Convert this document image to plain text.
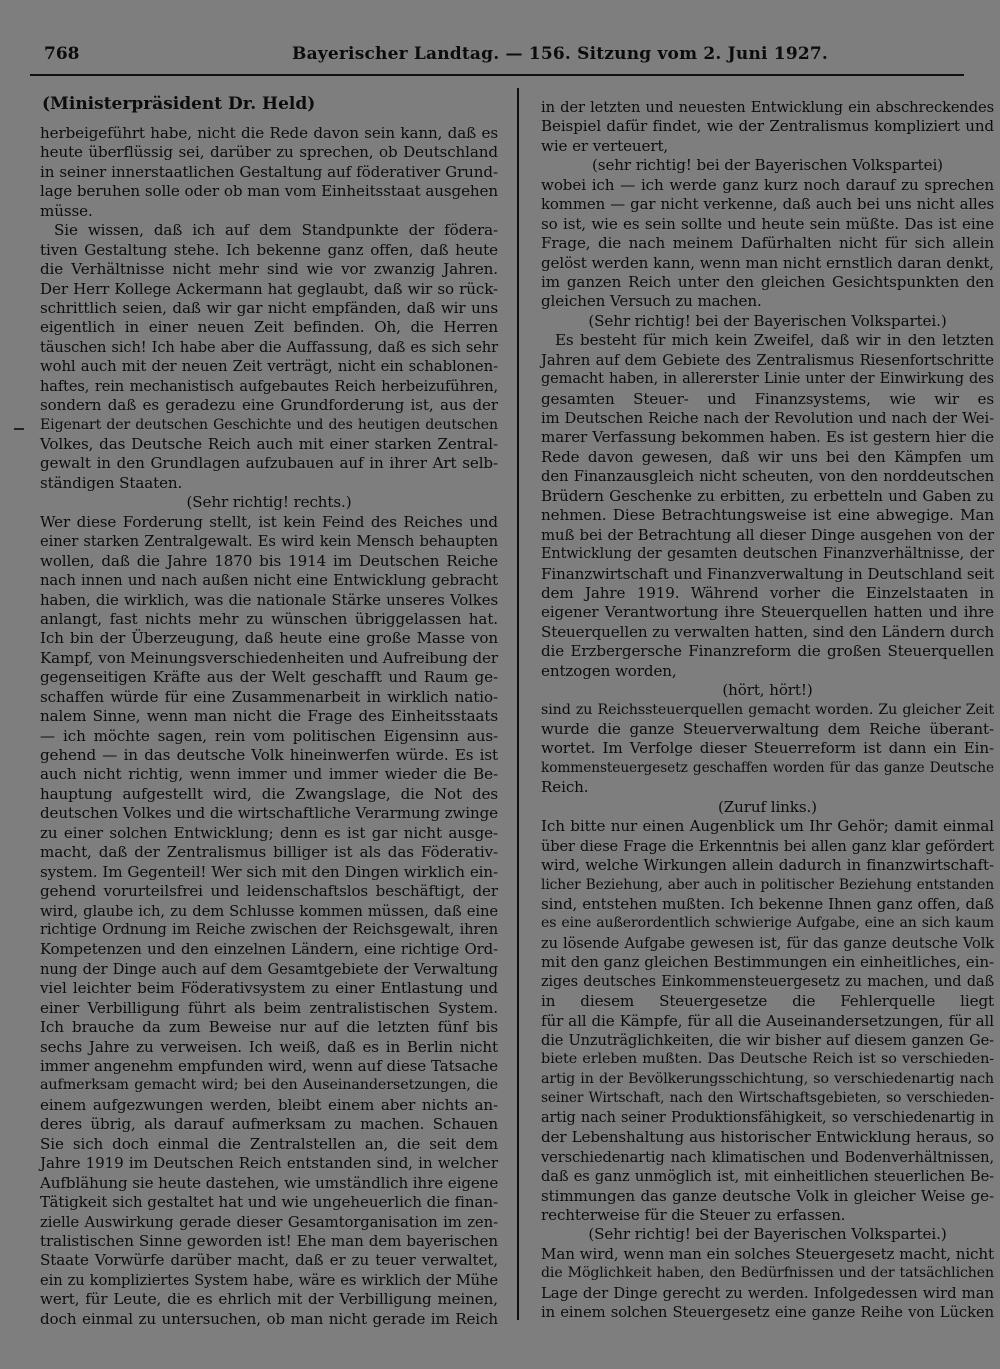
768	Bayerischer Landtag. — 156. Sitzung vom 2. Juni 1927.
(Ministerpräsident Dr. Held)
herbeigeführt habe, nicht die Rede davon sein kann, daß es
heute überflüssig sei, darüber zu sprechen, ob Deutschland
in seiner innerstaatlichen Gestaltung auf föderativer Grund-
lage beruhen solle oder ob man vom Einheitsstaat ausgehen
müsse.
Sie wissen, daß ich auf dem Standpunkte der födera-
tiven Gestaltung stehe. Ich bekenne ganz offen, daß heute
die Verhältnisse nicht mehr sind wie vor zwanzig Jahren.
Der Herr Kollege Ackermann hat geglaubt, daß wir so rück-
schrittlich seien, daß wir gar nicht empfänden, daß wir uns
eigentlich in einer neuen Zeit befinden. Oh, die Herren
täuschen sich! Ich habe aber die Auffassung, daß es sich sehr
wohl auch mit der neuen Zeit verträgt, nicht ein schablonen-
haftes, rein mechanistisch aufgebautes Reich herbeizuführen,
sondern daß es geradezu eine Grundforderung ist, aus der
Eigenart der deutschen Geschichte und des heutigen deutschen
Volkes, das Deutsche Reich auch mit einer starken Zentral-
gewalt in den Grundlagen aufzubauen auf in ihrer Art selb-
ständigen Staaten.
(Sehr richtig! rechts.)
Wer diese Forderung stellt, ist kein Feind des Reiches und
einer starken Zentralgewalt. Es wird kein Mensch behaupten
wollen, daß die Jahre 1870 bis 1914 im Deutschen Reiche
nach innen und nach außen nicht eine Entwicklung gebracht
haben, die wirklich, was die nationale Stärke unseres Volkes
anlangt, fast nichts mehr zu wünschen übriggelassen hat.
Ich bin der Überzeugung, daß heute eine große Masse von
Kampf, von Meinungsverschiedenheiten und Aufreibung der
gegenseitigen Kräfte aus der Welt geschafft und Raum ge-
schaffen würde für eine Zusammenarbeit in wirklich natio-
nalem Sinne, wenn man nicht die Frage des Einheitsstaats
— ich möchte sagen, rein vom politischen Eigensinn aus-
gehend — in das deutsche Volk hineinwerfen würde. Es ist
auch nicht richtig, wenn immer und immer wieder die Be-
hauptung aufgestellt wird, die Zwangslage, die Not des
deutschen Volkes und die wirtschaftliche Verarmung zwinge
zu einer solchen Entwicklung; denn es ist gar nicht ausge-
macht, daß der Zentralismus billiger ist als das Föderativ-
system. Im Gegenteil! Wer sich mit den Dingen wirklich ein-
gehend vorurteilsfrei und leidenschaftslos beschäftigt, der
wird, glaube ich, zu dem Schlusse kommen müssen, daß eine
richtige Ordnung im Reiche zwischen der Reichsgewalt, ihren
Kompetenzen und den einzelnen Ländern, eine richtige Ord-
nung der Dinge auch auf dem Gesamtgebiete der Verwaltung
viel leichter beim Föderativsystem zu einer Entlastung und
einer Verbilligung führt als beim zentralistischen System.
Ich brauche da zum Beweise nur auf die letzten fünf bis
sechs Jahre zu verweisen. Ich weiß, daß es in Berlin nicht
immer angenehm empfunden wird, wenn auf diese Tatsache
aufmerksam gemacht wird; bei den Auseinandersetzungen, die
einem aufgezwungen werden, bleibt einem aber nichts an-
deres übrig, als darauf aufmerksam zu machen. Schauen
Sie sich doch einmal die Zentralstellen an, die seit dem
Jahre 1919 im Deutschen Reich entstanden sind, in welcher
Aufblähung sie heute dastehen, wie umständlich ihre eigene
Tätigkeit sich gestaltet hat und wie ungeheuerlich die finan-
zielle Auswirkung gerade dieser Gesamtorganisation im zen-
tralistischen Sinne geworden ist! Ehe man dem bayerischen
Staate Vorwürfe darüber macht, daß er zu teuer verwaltet,
ein zu kompliziertes System habe, wäre es wirklich der Mühe
wert, für Leute, die es ehrlich mit der Verbilligung meinen,
doch einmal zu untersuchen, ob man nicht gerade im Reich
in der letzten und neuesten Entwicklung ein abschreckendes
Beispiel dafür findet, wie der Zentralismus kompliziert und
wie er verteuert,
(sehr richtig! bei der Bayerischen Volkspartei)
wobei ich — ich werde ganz kurz noch darauf zu sprechen
kommen — gar nicht verkenne, daß auch bei uns nicht alles
so ist, wie es sein sollte und heute sein müßte. Das ist eine
Frage, die nach meinem Dafürhalten nicht für sich allein
gelöst werden kann, wenn man nicht ernstlich daran denkt,
im ganzen Reich unter den gleichen Gesichtspunkten den
gleichen Versuch zu machen.
(Sehr richtig! bei der Bayerischen Volkspartei.)
Es besteht für mich kein Zweifel, daß wir in den letzten
Jahren auf dem Gebiete des Zentralismus Riesenfortschritte
gemacht haben, in allererster Linie unter der Einwirkung des
gesamten Steuer- und Finanzsystems, wie wir es
im Deutschen Reiche nach der Revolution und nach der Wei-
marer Verfassung bekommen haben. Es ist gestern hier die
Rede davon gewesen, daß wir uns bei den Kämpfen um
den Finanzausgleich nicht scheuten, von den norddeutschen
Brüdern Geschenke zu erbitten, zu erbetteln und Gaben zu
nehmen. Diese Betrachtungsweise ist eine abwegige. Man
muß bei der Betrachtung all dieser Dinge ausgehen von der
Entwicklung der gesamten deutschen Finanzverhältnisse, der
Finanzwirtschaft und Finanzverwaltung in Deutschland seit
dem Jahre 1919. Während vorher die Einzelstaaten in
eigener Verantwortung ihre Steuerquellen hatten und ihre
Steuerquellen zu verwalten hatten, sind den Ländern durch
die Erzbergersche Finanzreform die großen Steuerquellen
entzogen worden,
(hört, hört!)
sind zu Reichssteuerquellen gemacht worden. Zu gleicher Zeit
wurde die ganze Steuerverwaltung dem Reiche überant-
wortet. Im Verfolge dieser Steuerreform ist dann ein Ein-
kommensteuergesetz geschaffen worden für das ganze Deutsche
Reich.
(Zuruf links.)
Ich bitte nur einen Augenblick um Ihr Gehör; damit einmal
über diese Frage die Erkenntnis bei allen ganz klar gefördert
wird, welche Wirkungen allein dadurch in finanzwirtschaft-
licher Beziehung, aber auch in politischer Beziehung entstanden
sind, entstehen mußten. Ich bekenne Ihnen ganz offen, daß
es eine außerordentlich schwierige Aufgabe, eine an sich kaum
zu lösende Aufgabe gewesen ist, für das ganze deutsche Volk
mit den ganz gleichen Bestimmungen ein einheitliches, ein-
ziges deutsches Einkommensteuergesetz zu machen, und daß
in diesem Steuergesetze die Fehlerquelle liegt
für all die Kämpfe, für all die Auseinandersetzungen, für all
die Unzuträglichkeiten, die wir bisher auf diesem ganzen Ge-
biete erleben mußten. Das Deutsche Reich ist so verschieden-
artig in der Bevölkerungsschichtung, so verschiedenartig nach
seiner Wirtschaft, nach den Wirtschaftsgebieten, so verschieden-
artig nach seiner Produktionsfähigkeit, so verschiedenartig in
der Lebenshaltung aus historischer Entwicklung heraus, so
verschiedenartig nach klimatischen und Bodenverhältnissen,
daß es ganz unmöglich ist, mit einheitlichen steuerlichen Be-
stimmungen das ganze deutsche Volk in gleicher Weise ge-
rechterweise für die Steuer zu erfassen.
(Sehr richtig! bei der Bayerischen Volkspartei.)
Man wird, wenn man ein solches Steuergesetz macht, nicht
die Möglichkeit haben, den Bedürfnissen und der tatsächlichen
Lage der Dinge gerecht zu werden. Infolgedessen wird man
in einem solchen Steuergesetz eine ganze Reihe von Lücken
